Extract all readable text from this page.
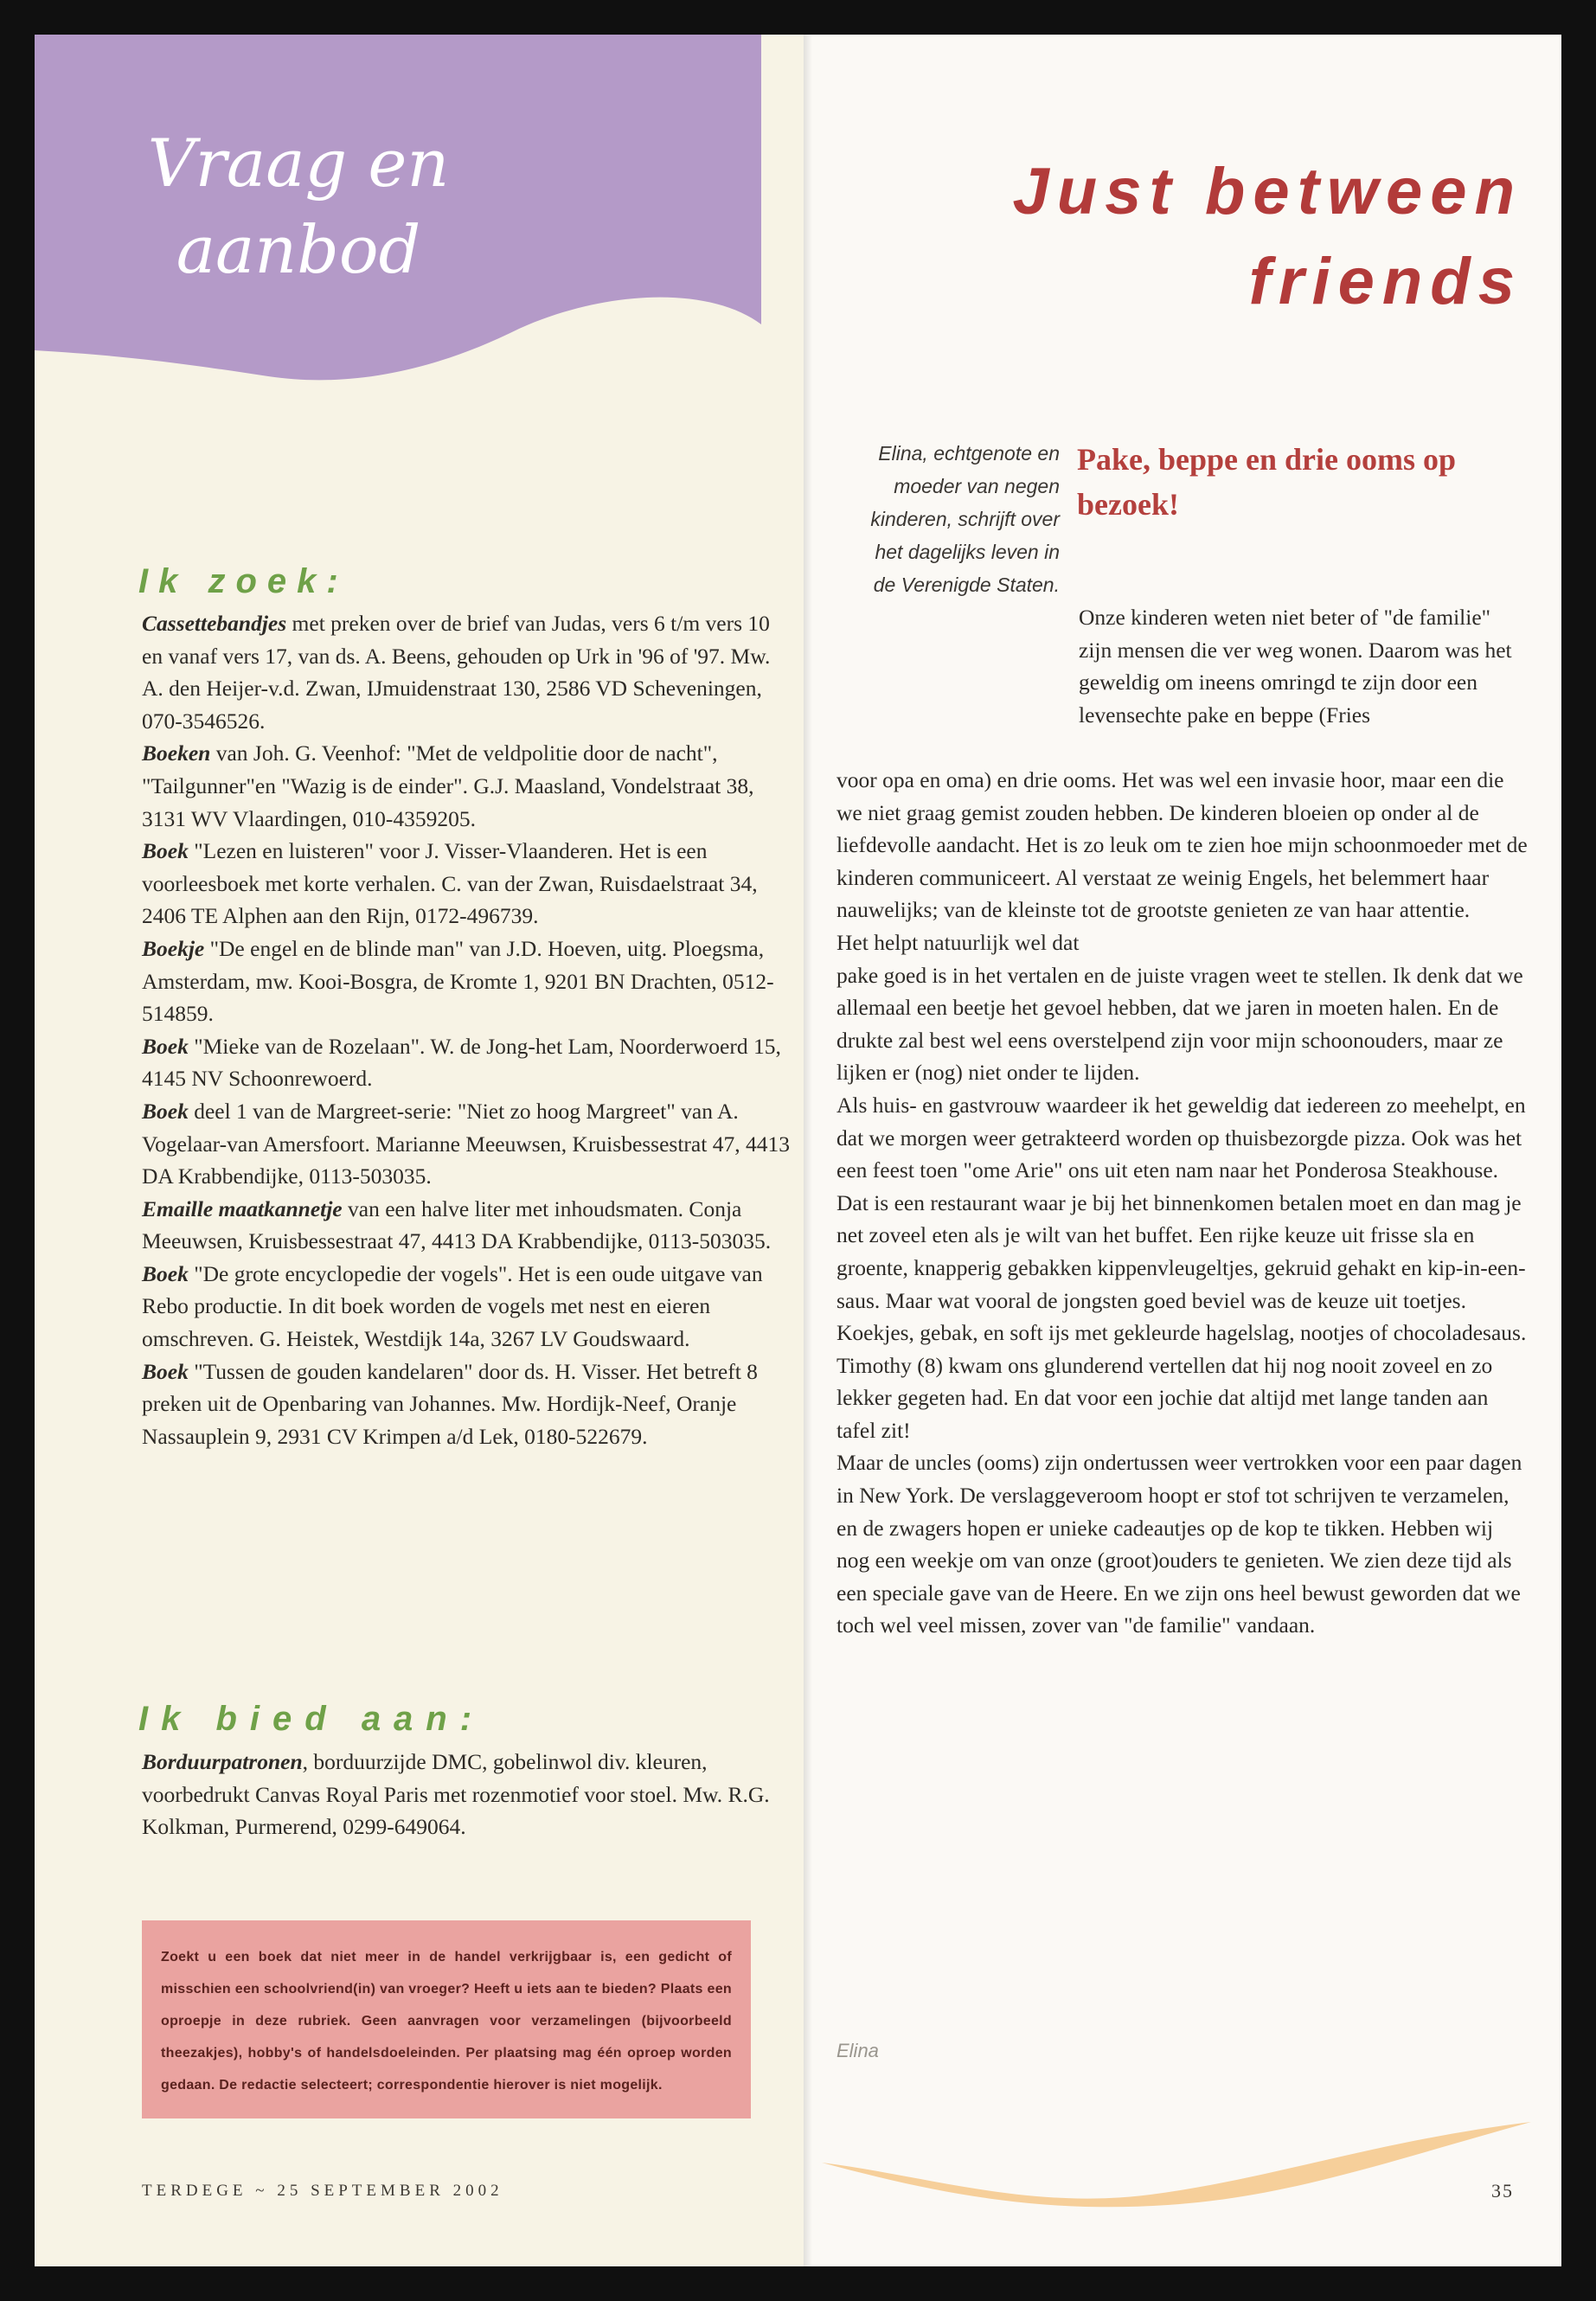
Vraag en
aanbod
Ik zoek:

Cassettebandjes met preken over de brief van Judas, vers 6 t/m vers 10 en vanaf vers 17, van ds. A. Beens, gehouden op Urk in '96 of '97. Mw. A. den Heijer-v.d. Zwan, IJmuidenstraat 130, 2586 VD Scheveningen, 070-3546526.

Boeken van Joh. G. Veenhof: "Met de veldpolitie door de nacht", "Tailgunner"en "Wazig is de einder". G.J. Maasland, Vondelstraat 38, 3131 WV Vlaardingen, 010-4359205.

Boek "Lezen en luisteren" voor J. Visser-Vlaanderen. Het is een voorleesboek met korte verhalen. C. van der Zwan, Ruisdaelstraat 34, 2406 TE Alphen aan den Rijn, 0172-496739.

Boekje "De engel en de blinde man" van J.D. Hoeven, uitg. Ploegsma, Amsterdam, mw. Kooi-Bosgra, de Kromte 1, 9201 BN Drachten, 0512-514859.

Boek "Mieke van de Rozelaan". W. de Jong-het Lam, Noorderwoerd 15, 4145 NV Schoonrewoerd.

Boek deel 1 van de Margreet-serie: "Niet zo hoog Margreet" van A. Vogelaar-van Amersfoort. Marianne Meeuwsen, Kruisbessestrat 47, 4413 DA Krabbendijke, 0113-503035.

Emaille maatkannetje van een halve liter met inhoudsmaten. Conja Meeuwsen, Kruisbessestraat 47, 4413 DA Krabbendijke, 0113-503035.

Boek "De grote encyclopedie der vogels". Het is een oude uitgave van Rebo productie. In dit boek worden de vogels met nest en eieren omschreven. G. Heistek, Westdijk 14a, 3267 LV Goudswaard.

Boek "Tussen de gouden kandelaren" door ds. H. Visser. Het betreft 8 preken uit de Openbaring van Johannes. Mw. Hordijk-Neef, Oranje Nassauplein 9, 2931 CV Krimpen a/d Lek, 0180-522679.

Ik bied aan:

Borduurpatronen, borduurzijde DMC, gobelinwol div. kleuren, voorbedrukt Canvas Royal Paris met rozenmotief voor stoel. Mw. R.G. Kolkman, Purmerend, 0299-649064.

Zoekt u een boek dat niet meer in de handel verkrijgbaar is, een gedicht of misschien een schoolvriend(in) van vroeger? Heeft u iets aan te bieden? Plaats een oproepje in deze rubriek. Geen aanvragen voor verzamelingen (bijvoorbeeld theezakjes), hobby's of handelsdoeleinden. Per plaatsing mag één oproep worden gedaan. De redactie selecteert; correspondentie hierover is niet mogelijk.

TERDEGE ~ 25 SEPTEMBER 2002

Just between
friends

Elina, echtgenote en moeder van negen kinderen, schrijft over het dagelijks leven in de Verenigde Staten.

Pake, beppe en drie ooms op bezoek!

Onze kinderen weten niet beter of "de familie" zijn mensen die ver weg wonen. Daarom was het geweldig om ineens omringd te zijn door een levensechte pake en beppe (Fries

voor opa en oma) en drie ooms. Het was wel een invasie hoor, maar een die we niet graag gemist zouden hebben. De kinderen bloeien op onder al de liefdevolle aandacht. Het is zo leuk om te zien hoe mijn schoonmoeder met de kinderen communiceert. Al verstaat ze weinig Engels, het belemmert haar nauwelijks; van de kleinste tot de grootste genieten ze van haar attentie.

Het helpt natuurlijk wel dat

pake goed is in het vertalen en de juiste vragen weet te stellen. Ik denk dat we allemaal een beetje het gevoel hebben, dat we jaren in moeten halen. En de drukte zal best wel eens overstelpend zijn voor mijn schoonouders, maar ze lijken er (nog) niet onder te lijden.

Als huis- en gastvrouw waardeer ik het geweldig dat iedereen zo meehelpt, en dat we morgen weer getrakteerd worden op thuisbezorgde pizza. Ook was het een feest toen "ome Arie" ons uit eten nam naar het Ponderosa Steakhouse. Dat is een restaurant waar je bij het binnenkomen betalen moet en dan mag je net zoveel eten als je wilt van het buffet. Een rijke keuze uit frisse sla en groente, knapperig gebakken kippenvleugeltjes, gekruid gehakt en kip-in-een-saus. Maar wat vooral de jongsten goed beviel was de keuze uit toetjes. Koekjes, gebak, en soft ijs met gekleurde hagelslag, nootjes of chocoladesaus. Timothy (8) kwam ons glunderend vertellen dat hij nog nooit zoveel en zo lekker gegeten had. En dat voor een jochie dat altijd met lange tanden aan tafel zit!

Maar de uncles (ooms) zijn ondertussen weer vertrokken voor een paar dagen in New York. De verslaggeveroom hoopt er stof tot schrijven te verzamelen, en de zwagers hopen er unieke cadeautjes op de kop te tikken. Hebben wij nog een weekje om van onze (groot)ouders te genieten. We zien deze tijd als een speciale gave van de Heere. En we zijn ons heel bewust geworden dat we toch wel veel missen, zover van "de familie" vandaan.

Elina

35
